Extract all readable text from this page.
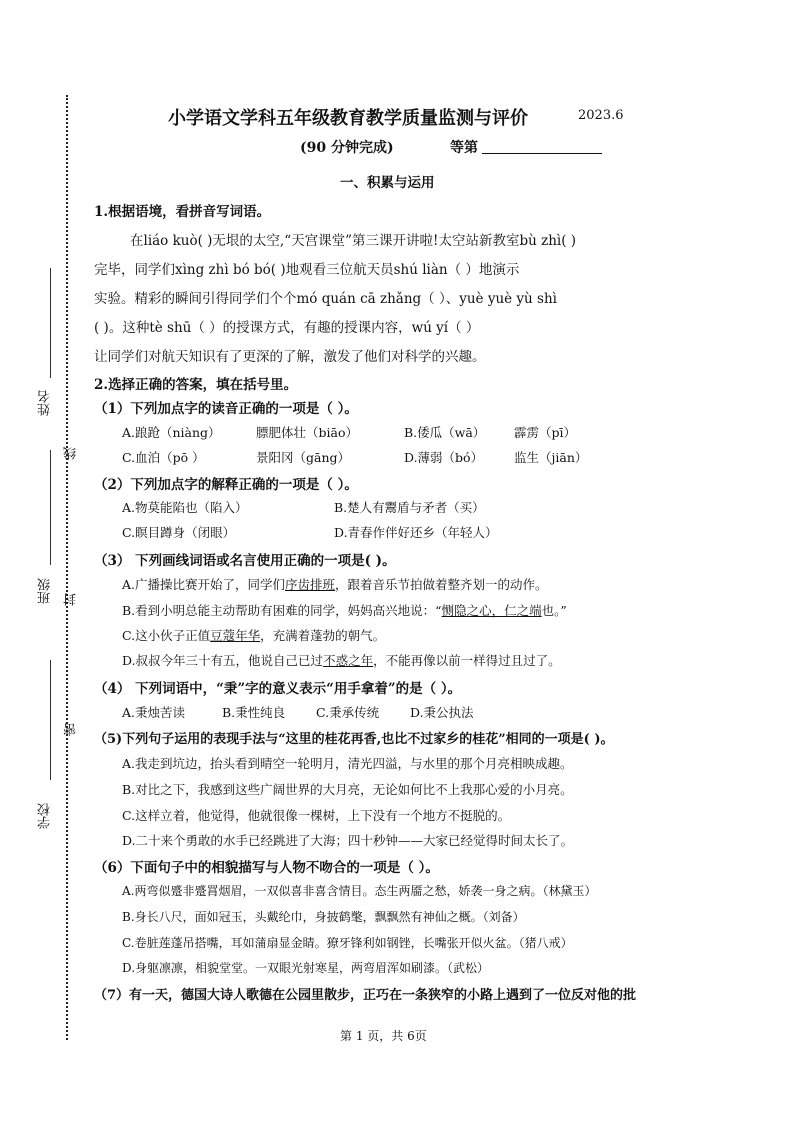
姓名
线
班级 封
密
学校
小学语文学科五年级教育教学质量监测与评价	2023.6
(90 分钟完成)	等第
一、积累与运用
1.根据语境，看拼音写词语。
在liáo kuò( )无垠的太空,“天宫课堂”第三课开讲啦!太空站新教室bù zhì( )
完毕，同学们xìng zhì bó bó( )地观看三位航天员shú liàn（ ）地演示
实验。精彩的瞬间引得同学们个个mó quán cā zhǎng（ ）、yuè yuè yù shì
( )。这种tè shū（ ）的授课方式，有趣的授课内容，wú yí（ ）
让同学们对航天知识有了更深的了解，激发了他们对科学的兴趣。
2.选择正确的答案，填在括号里。
（1）下列加点字的读音正确的一项是（ ）。
A.踉跄（niàng）	膘肥体壮（biāo）	B.倭瓜（wā） 霹雳（pī）
C.血泊（pō ）	景阳冈（gāng）	D.薄弱（bó） 监生（jiān）
（2）下列加点字的解释正确的一项是（ ）。
A.物莫能陷也（陷入）	B.楚人有鬻盾与矛者（买）
C.瞑目蹲身（闭眼）	D.青春作伴好还乡（年轻人）
（3） 下列画线词语或名言使用正确的一项是( )。
A.广播操比赛开始了，同学们序齿排班，跟着音乐节拍做着整齐划一的动作。
B.看到小明总能主动帮助有困难的同学，妈妈高兴地说：“恻隐之心，仁之端也。”
C.这小伙子正值豆蔻年华，充满着蓬勃的朝气。
D.叔叔今年三十有五，他说自己已过不惑之年，不能再像以前一样得过且过了。
（4） 下列词语中，“秉”字的意义表示“用手拿着”的是（ ）。
A.秉烛苦读	B.秉性纯良 C.秉承传统 D.秉公执法
（5)下列句子运用的表现手法与“这里的桂花再香,也比不过家乡的桂花”相同的一项是( )。
A.我走到坑边，抬头看到晴空一轮明月，清光四溢，与水里的那个月亮相映成趣。
B.对比之下，我感到这些广阔世界的大月亮，无论如何比不上我那心爱的小月亮。
C.这样立着，他觉得，他就很像一棵树，上下没有一个地方不挺脱的。
D.二十来个勇敢的水手已经跳进了大海；四十秒钟——大家已经觉得时间太长了。
（6）下面句子中的相貌描写与人物不吻合的一项是（ ）。
A.两弯似蹙非蹙罥烟眉，一双似喜非喜含情目。态生两靥之愁，娇袭一身之病。（林黛玉）
B.身长八尺，面如冠玉，头戴纶巾，身披鹤氅，飘飘然有神仙之概。（刘备）
C.卷脏莲蓬吊搭嘴，耳如蒲扇显金睛。獠牙锋利如钢锉，长嘴张开似火盆。（猪八戒）
D.身躯凛凛，相貌堂堂。一双眼光射寒星，两弯眉浑如刷漆。（武松）
（7）有一天，德国大诗人歌德在公园里散步，正巧在一条狭窄的小路上遇到了一位反对他的批
第 1 页，共 6页
